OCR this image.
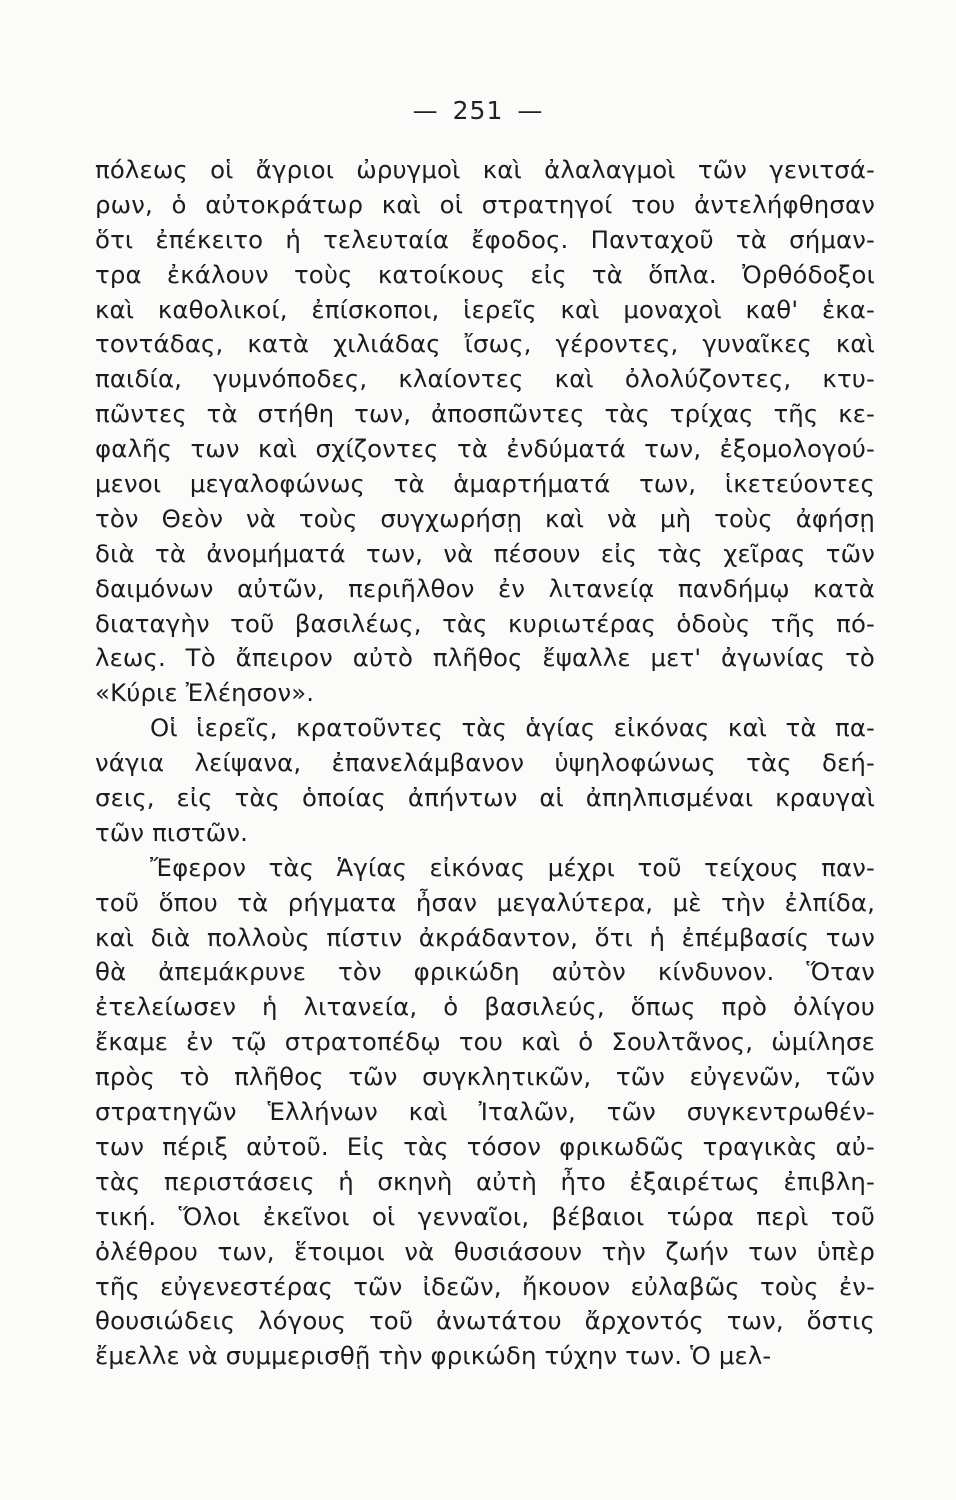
— 251 —
πόλεως οἱ ἄγριοι ὠρυγμοὶ καὶ ἀλαλαγμοὶ τῶν γενιτσά-
ρων, ὁ αὐτοκράτωρ καὶ οἱ στρατηγοί του ἀντελήφθησαν
ὅτι ἐπέκειτο ἡ τελευταία ἔφοδος. Πανταχοῦ τὰ σήμαν-
τρα ἐκάλουν τοὺς κατοίκους εἰς τὰ ὅπλα. Ὀρθόδοξοι
καὶ καθολικοί, ἐπίσκοποι, ἱερεῖς καὶ μοναχοὶ καθ' ἑκα-
τοντάδας, κατὰ χιλιάδας ἴσως, γέροντες, γυναῖκες καὶ
παιδία, γυμνόποδες, κλαίοντες καὶ ὀλολύζοντες, κτυ-
πῶντες τὰ στήθη των, ἀποσπῶντες τὰς τρίχας τῆς κε-
φαλῆς των καὶ σχίζοντες τὰ ἐνδύματά των, ἐξομολογού-
μενοι μεγαλοφώνως τὰ ἁμαρτήματά των, ἱκετεύοντες
τὸν Θεὸν νὰ τοὺς συγχωρήσῃ καὶ νὰ μὴ τοὺς ἀφήσῃ
διὰ τὰ ἀνομήματά των, νὰ πέσουν εἰς τὰς χεῖρας τῶν
δαιμόνων αὐτῶν, περιῆλθον ἐν λιτανείᾳ πανδήμῳ κατὰ
διαταγὴν τοῦ βασιλέως, τὰς κυριωτέρας ὁδοὺς τῆς πό-
λεως. Τὸ ἄπειρον αὐτὸ πλῆθος ἔψαλλε μετ' ἀγωνίας τὸ
«Κύριε Ἐλέησον».
Οἱ ἱερεῖς, κρατοῦντες τὰς ἁγίας εἰκόνας καὶ τὰ πα-
νάγια λείψανα, ἐπανελάμβανον ὑψηλοφώνως τὰς δεή-
σεις, εἰς τὰς ὁποίας ἀπήντων αἱ ἀπηλπισμέναι κραυγαὶ
τῶν πιστῶν.
Ἔφερον τὰς Ἁγίας εἰκόνας μέχρι τοῦ τείχους παν-
τοῦ ὅπου τὰ ρήγματα ἦσαν μεγαλύτερα, μὲ τὴν ἐλπίδα,
καὶ διὰ πολλοὺς πίστιν ἀκράδαντον, ὅτι ἡ ἐπέμβασίς των
θὰ ἀπεμάκρυνε τὸν φρικώδη αὐτὸν κίνδυνον. Ὅταν
ἐτελείωσεν ἡ λιτανεία, ὁ βασιλεύς, ὅπως πρὸ ὀλίγου
ἔκαμε ἐν τῷ στρατοπέδῳ του καὶ ὁ Σουλτᾶνος, ὡμίλησε
πρὸς τὸ πλῆθος τῶν συγκλητικῶν, τῶν εὐγενῶν, τῶν
στρατηγῶν Ἑλλήνων καὶ Ἰταλῶν, τῶν συγκεντρωθέν-
των πέριξ αὐτοῦ. Εἰς τὰς τόσον φρικωδῶς τραγικὰς αὐ-
τὰς περιστάσεις ἡ σκηνὴ αὐτὴ ἦτο ἐξαιρέτως ἐπιβλη-
τική. Ὅλοι ἐκεῖνοι οἱ γενναῖοι, βέβαιοι τώρα περὶ τοῦ
ὀλέθρου των, ἕτοιμοι νὰ θυσιάσουν τὴν ζωήν των ὑπὲρ
τῆς εὐγενεστέρας τῶν ἰδεῶν, ἤκουον εὐλαβῶς τοὺς ἐν-
θουσιώδεις λόγους τοῦ ἀνωτάτου ἄρχοντός των, ὅστις
ἔμελλε νὰ συμμερισθῇ τὴν φρικώδη τύχην των. Ὁ μελ-
